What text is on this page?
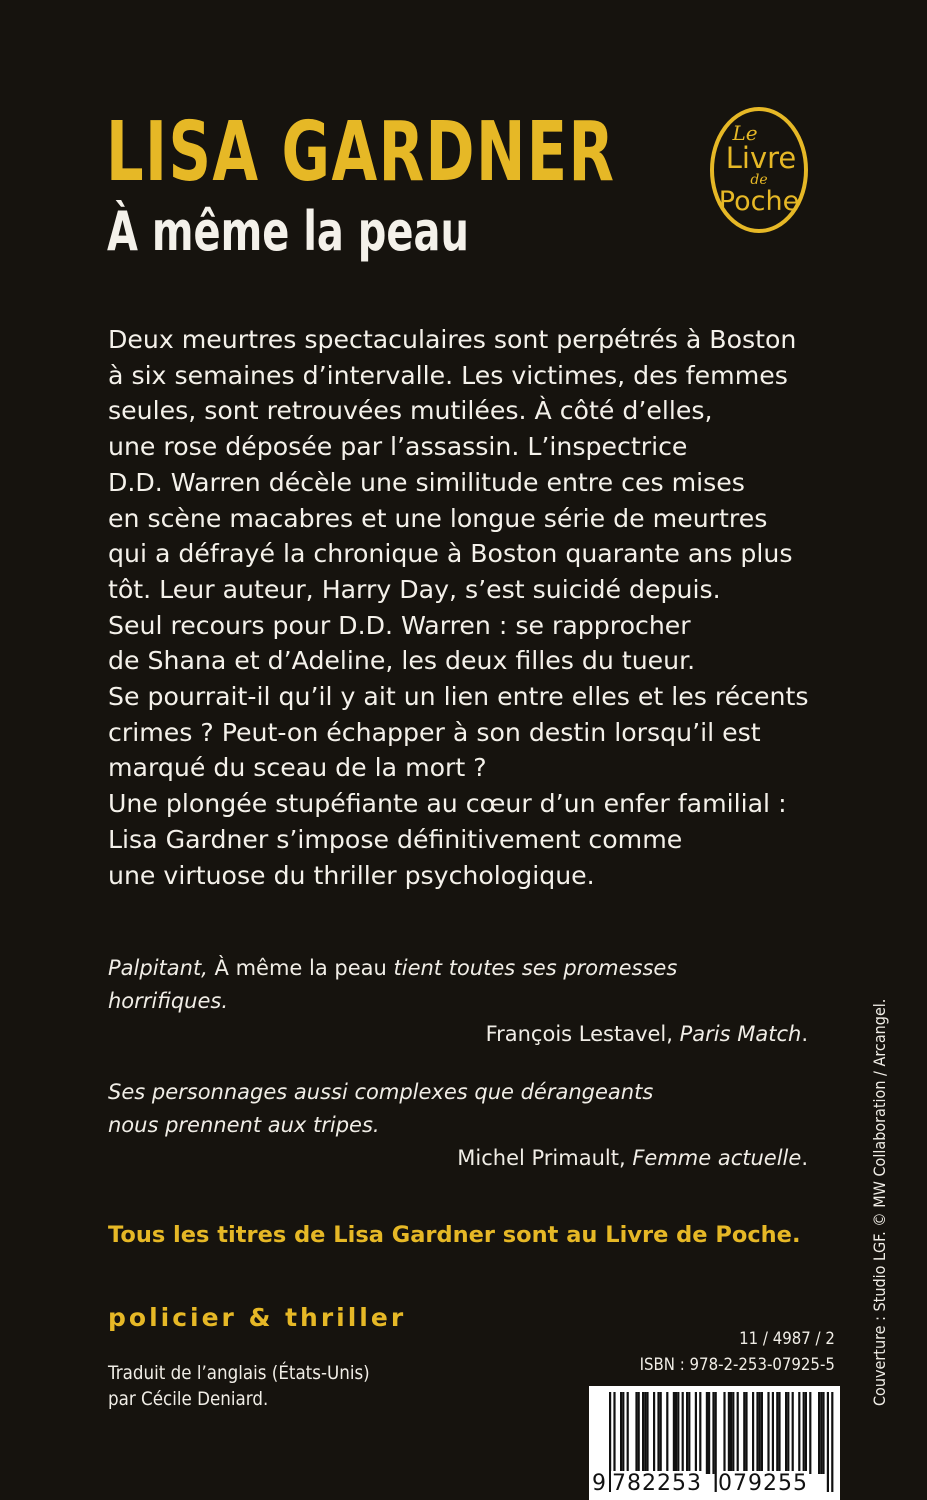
LISA GARDNER
À même la peau
Le
Livre
de
Poche

Deux meurtres spectaculaires sont perpétrés à Boston
à six semaines d’intervalle. Les victimes, des femmes
seules, sont retrouvées mutilées. À côté d’elles,
une rose déposée par l’assassin. L’inspectrice
D.D. Warren décèle une similitude entre ces mises
en scène macabres et une longue série de meurtres
qui a défrayé la chronique à Boston quarante ans plus
tôt. Leur auteur, Harry Day, s’est suicidé depuis.
Seul recours pour D.D. Warren : se rapprocher
de Shana et d’Adeline, les deux filles du tueur.
Se pourrait-il qu’il y ait un lien entre elles et les récents
crimes ? Peut-on échapper à son destin lorsqu’il est
marqué du sceau de la mort ?
Une plongée stupéfiante au cœur d’un enfer familial :
Lisa Gardner s’impose définitivement comme
une virtuose du thriller psychologique.

Palpitant, À même la peau tient toutes ses promesses
horrifiques.
François Lestavel, Paris Match.
Ses personnages aussi complexes que dérangeants
nous prennent aux tripes.
Michel Primault, Femme actuelle.
Tous les titres de Lisa Gardner sont au Livre de Poche.
policier & thriller
Traduit de l’anglais (États-Unis)
par Cécile Deniard.
11 / 4987 / 2
ISBN : 978-2-253-07925-5
9 782253 079255
Couverture : Studio LGF. © MW Collaboration / Arcangel.
